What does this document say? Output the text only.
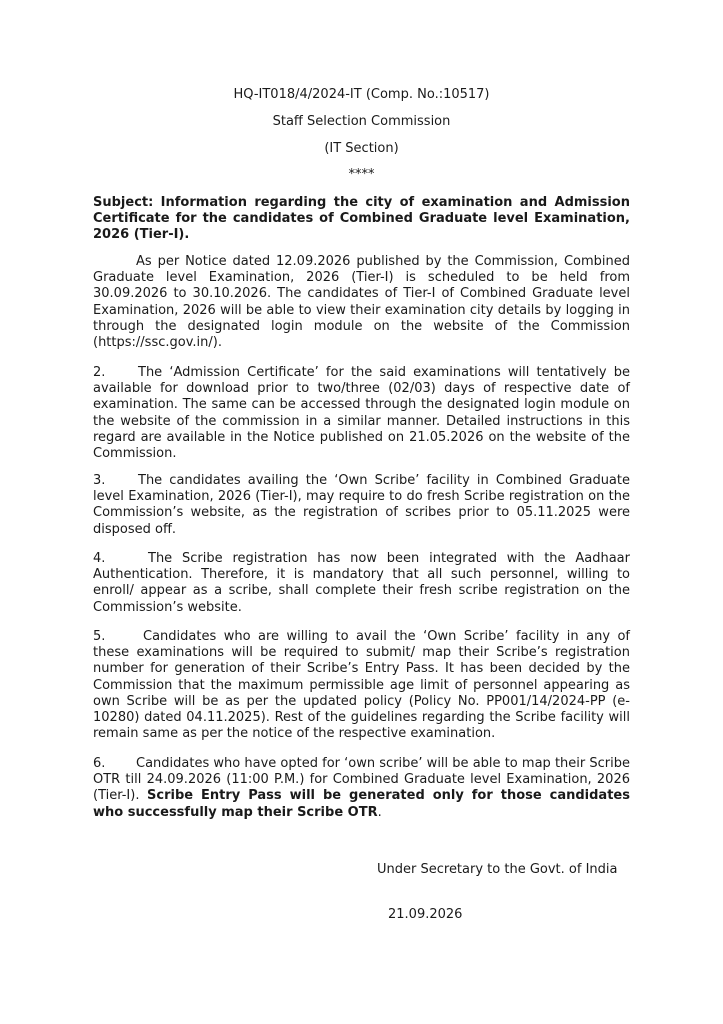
HQ-IT018/4/2024-IT (Comp. No.:10517)
Staff Selection Commission
(IT Section)
****
Subject: Information regarding the city of examination and Admission Certificate for the candidates of Combined Graduate level Examination, 2026 (Tier-I).

As per Notice dated 12.09.2026 published by the Commission, Combined Graduate level Examination, 2026 (Tier-I) is scheduled to be held from 30.09.2026 to 30.10.2026. The candidates of Tier-I of Combined Graduate level Examination, 2026 will be able to view their examination city details by logging in through the designated login module on the website of the Commission (https://ssc.gov.in/).

2.	The ‘Admission Certificate’ for the said examinations will tentatively be available for download prior to two/three (02/03) days of respective date of examination. The same can be accessed through the designated login module on the website of the commission in a similar manner. Detailed instructions in this regard are available in the Notice published on 21.05.2026 on the website of the Commission.

3.	The candidates availing the ‘Own Scribe’ facility in Combined Graduate level Examination, 2026 (Tier-I), may require to do fresh Scribe registration on the Commission’s website, as the registration of scribes prior to 05.11.2025 were disposed off.

4.	The Scribe registration has now been integrated with the Aadhaar Authentication. Therefore, it is mandatory that all such personnel, willing to enroll/ appear as a scribe, shall complete their fresh scribe registration on the Commission’s website.

5.	Candidates who are willing to avail the ‘Own Scribe’ facility in any of these examinations will be required to submit/ map their Scribe’s registration number for generation of their Scribe’s Entry Pass. It has been decided by the Commission that the maximum permissible age limit of personnel appearing as own Scribe will be as per the updated policy (Policy No. PP001/14/2024-PP (e-10280) dated 04.11.2025). Rest of the guidelines regarding the Scribe facility will remain same as per the notice of the respective examination.

6. Candidates who have opted for ‘own scribe’ will be able to map their Scribe OTR till 24.09.2026 (11:00 P.M.) for Combined Graduate level Examination, 2026 (Tier-I). Scribe Entry Pass will be generated only for those candidates who successfully map their Scribe OTR.

Under Secretary to the Govt. of India
21.09.2026
